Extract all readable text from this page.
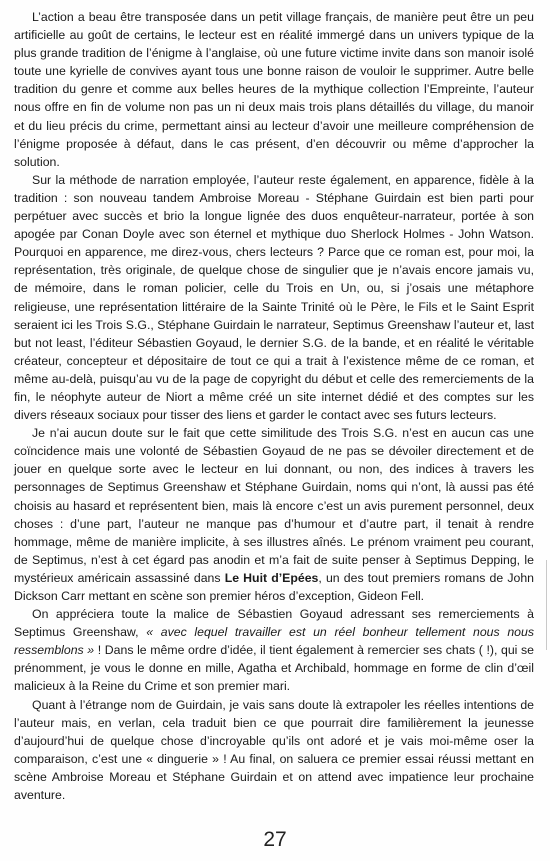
L’action a beau être transposée dans un petit village français, de manière peut être un peu artificielle au goût de certains, le lecteur est en réalité immergé dans un univers typique de la plus grande tradition de l’énigme à l’anglaise, où une future victime invite dans son manoir isolé toute une kyrielle de convives ayant tous une bonne raison de vouloir le supprimer. Autre belle tradition du genre et comme aux belles heures de la mythique collection l’Empreinte, l’auteur nous offre en fin de volume non pas un ni deux mais trois plans détaillés du village, du manoir et du lieu précis du crime, permettant ainsi au lecteur d’avoir une meilleure compréhension de l’énigme proposée à défaut, dans le cas présent, d’en découvrir ou même d’approcher la solution.

Sur la méthode de narration employée, l’auteur reste également, en apparence, fidèle à la tradition : son nouveau tandem Ambroise Moreau - Stéphane Guirdain est bien parti pour perpétuer avec succès et brio la longue lignée des duos enquêteur-narrateur, portée à son apogée par Conan Doyle avec son éternel et mythique duo Sherlock Holmes - John Watson. Pourquoi en apparence, me direz-vous, chers lecteurs ? Parce que ce roman est, pour moi, la représentation, très originale, de quelque chose de singulier que je n’avais encore jamais vu, de mémoire, dans le roman policier, celle du Trois en Un, ou, si j’osais une métaphore religieuse, une représentation littéraire de la Sainte Trinité où le Père, le Fils et le Saint Esprit seraient ici les Trois S.G., Stéphane Guirdain le narrateur, Septimus Greenshaw l’auteur et, last but not least, l’éditeur Sébastien Goyaud, le dernier S.G. de la bande, et en réalité le véritable créateur, concepteur et dépositaire de tout ce qui a trait à l’existence même de ce roman, et même au-delà, puisqu’au vu de la page de copyright du début et celle des remerciements de la fin, le néophyte auteur de Niort a même créé un site internet dédié et des comptes sur les divers réseaux sociaux pour tisser des liens et garder le contact avec ses futurs lecteurs.

Je n’ai aucun doute sur le fait que cette similitude des Trois S.G. n’est en aucun cas une coïncidence mais une volonté de Sébastien Goyaud de ne pas se dévoiler directement et de jouer en quelque sorte avec le lecteur en lui donnant, ou non, des indices à travers les personnages de Septimus Greenshaw et Stéphane Guirdain, noms qui n’ont, là aussi pas été choisis au hasard et représentent bien, mais là encore c’est un avis purement personnel, deux choses : d’une part, l’auteur ne manque pas d’humour et d’autre part, il tenait à rendre hommage, même de manière implicite, à ses illustres aînés. Le prénom vraiment peu courant, de Septimus, n’est à cet égard pas anodin et m’a fait de suite penser à Septimus Depping, le mystérieux américain assassiné dans Le Huit d’Epées, un des tout premiers romans de John Dickson Carr mettant en scène son premier héros d’exception, Gideon Fell.

On appréciera toute la malice de Sébastien Goyaud adressant ses remerciements à Septimus Greenshaw, « avec lequel travailler est un réel bonheur tellement nous nous ressemblons » ! Dans le même ordre d’idée, il tient également à remercier ses chats ( !), qui se prénomment, je vous le donne en mille, Agatha et Archibald, hommage en forme de clin d’œil malicieux à la Reine du Crime et son premier mari.

Quant à l’étrange nom de Guirdain, je vais sans doute là extrapoler les réelles intentions de l’auteur mais, en verlan, cela traduit bien ce que pourrait dire familièrement la jeunesse d’aujourd’hui de quelque chose d’incroyable qu’ils ont adoré et je vais moi-même oser la comparaison, c’est une « dinguerie » ! Au final, on saluera ce premier essai réussi mettant en scène Ambroise Moreau et Stéphane Guirdain et on attend avec impatience leur prochaine aventure.

27
